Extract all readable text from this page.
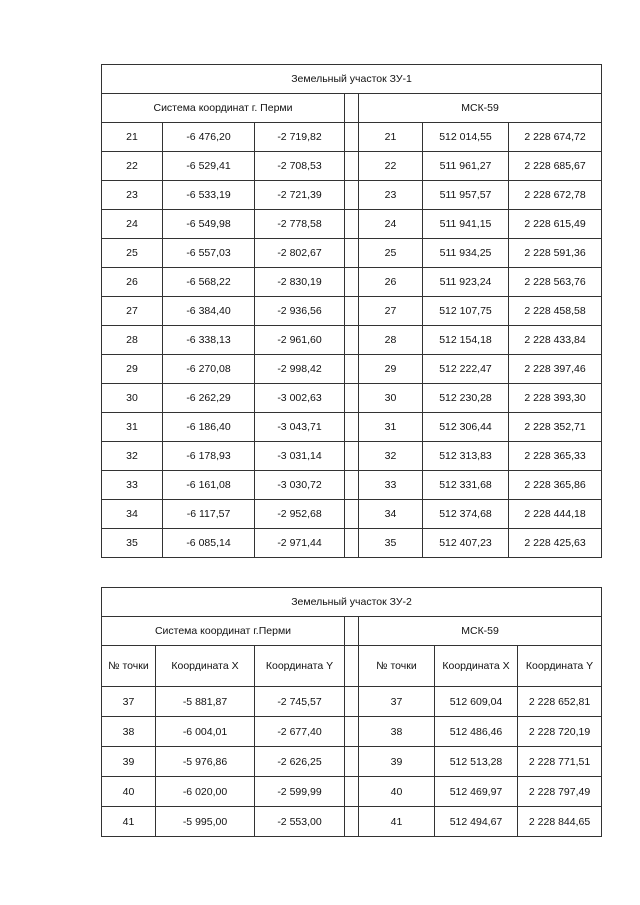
Земельный участок ЗУ-1						
Система координат г. Перми				МСК-59		
21	-6 476,20	-2 719,82		21	512 014,55	2 228 674,72
22	-6 529,41	-2 708,53		22	511 961,27	2 228 685,67
23	-6 533,19	-2 721,39		23	511 957,57	2 228 672,78
24	-6 549,98	-2 778,58		24	511 941,15	2 228 615,49
25	-6 557,03	-2 802,67		25	511 934,25	2 228 591,36
26	-6 568,22	-2 830,19		26	511 923,24	2 228 563,76
27	-6 384,40	-2 936,56		27	512 107,75	2 228 458,58
28	-6 338,13	-2 961,60		28	512 154,18	2 228 433,84
29	-6 270,08	-2 998,42		29	512 222,47	2 228 397,46
30	-6 262,29	-3 002,63		30	512 230,28	2 228 393,30
31	-6 186,40	-3 043,71		31	512 306,44	2 228 352,71
32	-6 178,93	-3 031,14		32	512 313,83	2 228 365,33
33	-6 161,08	-3 030,72		33	512 331,68	2 228 365,86
34	-6 117,57	-2 952,68		34	512 374,68	2 228 444,18
35	-6 085,14	-2 971,44		35	512 407,23	2 228 425,63
Земельный участок ЗУ-2						
Система координат г.Перми				МСК-59		
№ точки	Координата X	Координата Y		№ точки	Координата X	Координата Y
37	-5 881,87	-2 745,57		37	512 609,04	2 228 652,81
38	-6 004,01	-2 677,40		38	512 486,46	2 228 720,19
39	-5 976,86	-2 626,25		39	512 513,28	2 228 771,51
40	-6 020,00	-2 599,99		40	512 469,97	2 228 797,49
41	-5 995,00	-2 553,00		41	512 494,67	2 228 844,65
